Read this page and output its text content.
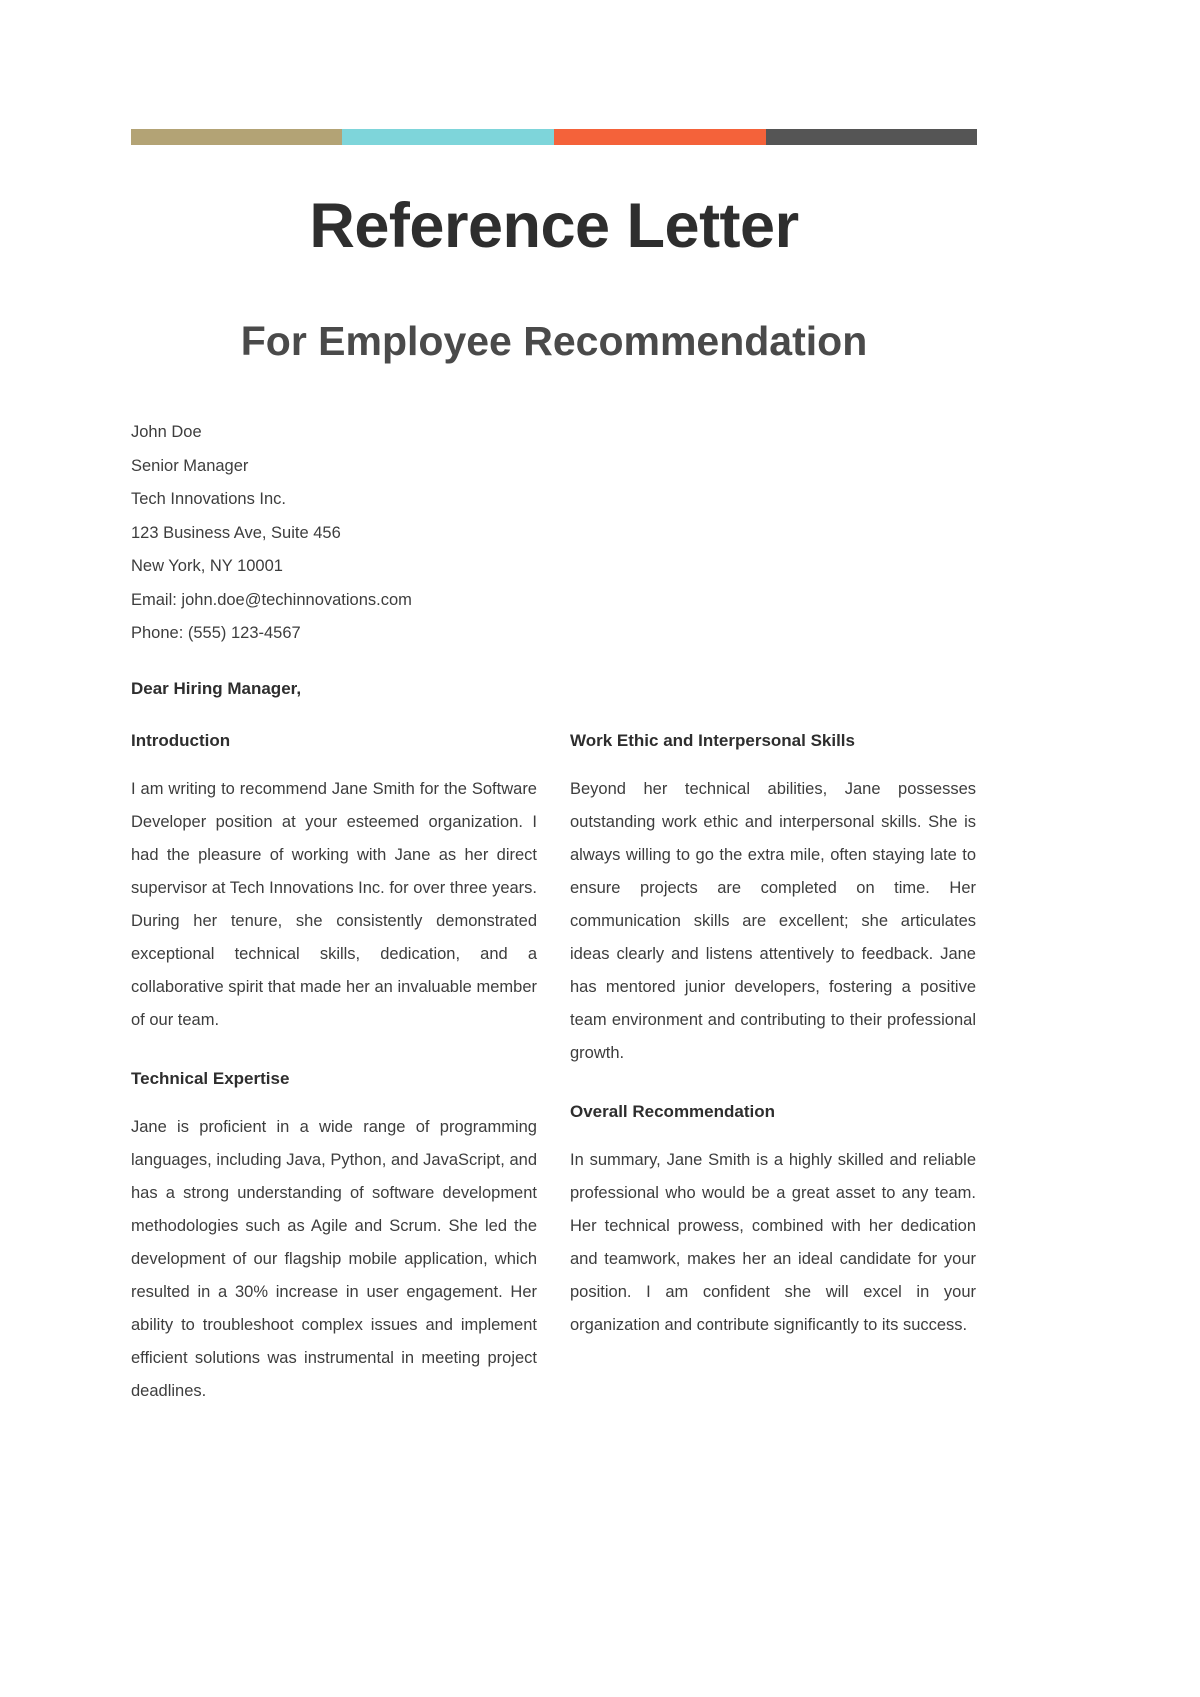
Reference Letter
For Employee Recommendation
John Doe
Senior Manager
Tech Innovations Inc.
123 Business Ave, Suite 456
New York, NY 10001
Email: john.doe@techinnovations.com
Phone: (555) 123-4567
Dear Hiring Manager,
Introduction

I am writing to recommend Jane Smith for the Software Developer position at your esteemed organization. I had the pleasure of working with Jane as her direct supervisor at Tech Innovations Inc. for over three years. During her tenure, she consistently demonstrated exceptional technical skills, dedication, and a collaborative spirit that made her an invaluable member of our team.

Technical Expertise

Jane is proficient in a wide range of programming languages, including Java, Python, and JavaScript, and has a strong understanding of software development methodologies such as Agile and Scrum. She led the development of our flagship mobile application, which resulted in a 30% increase in user engagement. Her ability to troubleshoot complex issues and implement efficient solutions was instrumental in meeting project deadlines.

Work Ethic and Interpersonal Skills

Beyond her technical abilities, Jane possesses outstanding work ethic and interpersonal skills. She is always willing to go the extra mile, often staying late to ensure projects are completed on time. Her communication skills are excellent; she articulates ideas clearly and listens attentively to feedback. Jane has mentored junior developers, fostering a positive team environment and contributing to their professional growth.

Overall Recommendation

In summary, Jane Smith is a highly skilled and reliable professional who would be a great asset to any team. Her technical prowess, combined with her dedication and teamwork, makes her an ideal candidate for your position. I am confident she will excel in your organization and contribute significantly to its success.
